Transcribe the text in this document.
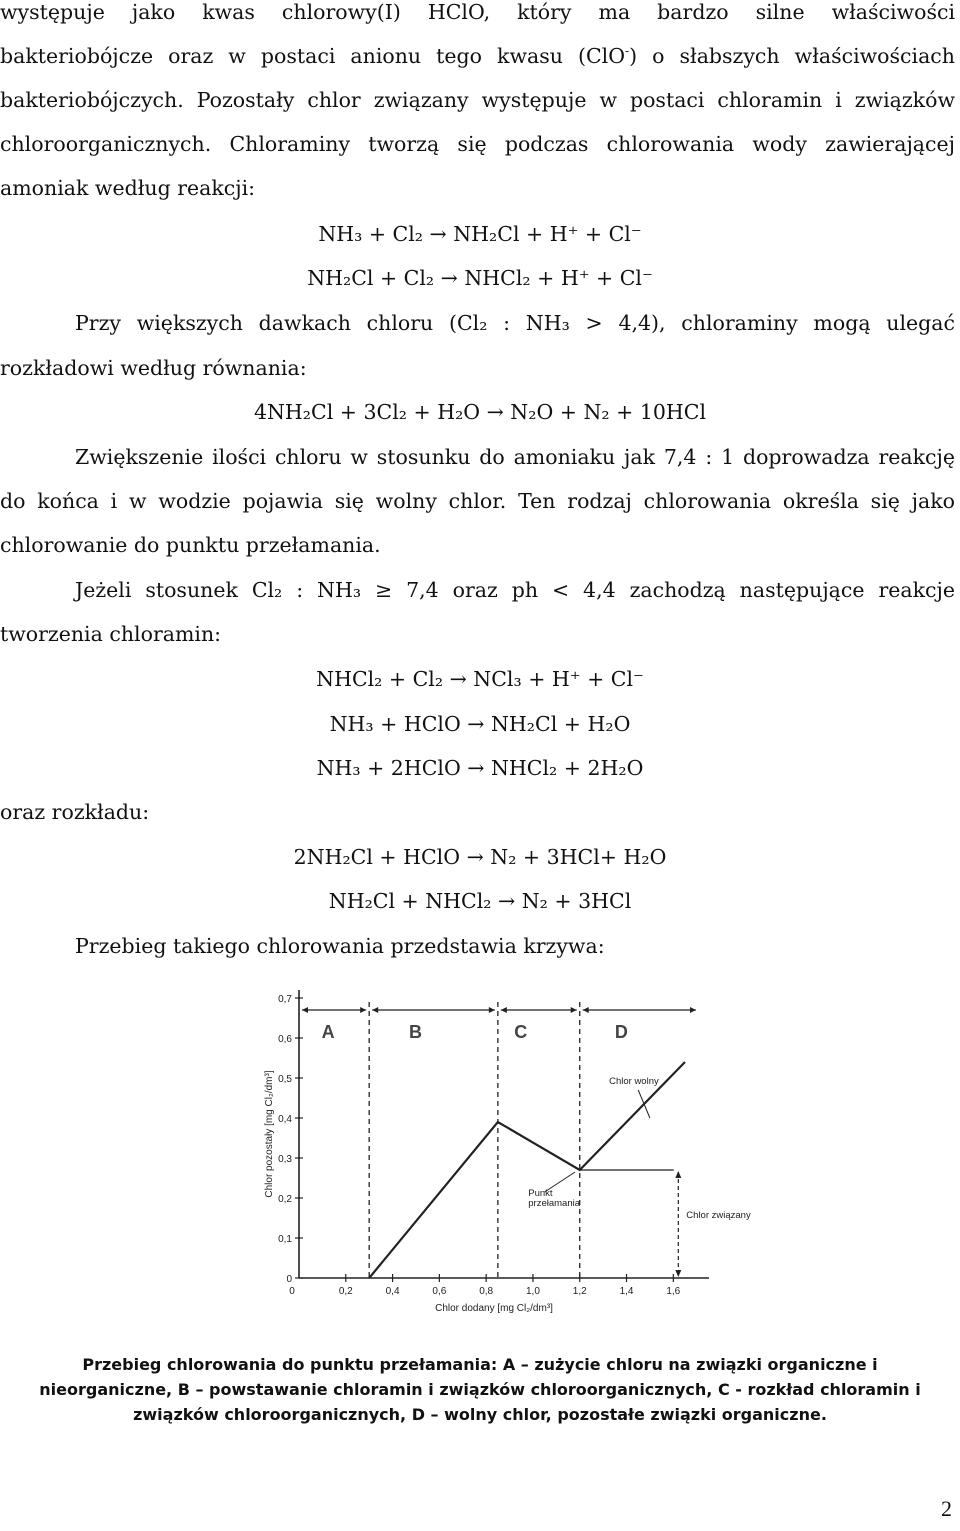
występuje jako kwas chlorowy(I) HClO, który ma bardzo silne właściwości
bakteriobójcze oraz w postaci anionu tego kwasu (ClO-) o słabszych właściwościach
bakteriobójczych. Pozostały chlor związany występuje w postaci chloramin i związków
chloroorganicznych. Chloraminy tworzą się podczas chlorowania wody zawierającej
amoniak według reakcji:
NH₃ + Cl₂ → NH₂Cl + H⁺ + Cl⁻
NH₂Cl + Cl₂ → NHCl₂ + H⁺ + Cl⁻
Przy większych dawkach chloru (Cl₂ : NH₃ > 4,4), chloraminy mogą ulegać
rozkładowi według równania:
4NH₂Cl + 3Cl₂ + H₂O → N₂O + N₂ + 10HCl
Zwiększenie ilości chloru w stosunku do amoniaku jak 7,4 : 1 doprowadza reakcję
do końca i w wodzie pojawia się wolny chlor. Ten rodzaj chlorowania określa się jako
chlorowanie do punktu przełamania.
Jeżeli stosunek Cl₂ : NH₃ ≥ 7,4 oraz ph < 4,4 zachodzą następujące reakcje
tworzenia chloramin:
NHCl₂ + Cl₂ → NCl₃ + H⁺ + Cl⁻
NH₃ + HClO → NH₂Cl + H₂O
NH₃ + 2HClO → NHCl₂ + 2H₂O
oraz rozkładu:
2NH₂Cl + HClO → N₂ + 3HCl+ H₂O
NH₂Cl + NHCl₂ → N₂ + 3HCl
Przebieg takiego chlorowania przedstawia krzywa:
0
0,1
0,2
0,3
0,4
0,5
0,6
0,7
0,2	0,4	0,6	0,8	1,0	1,2	1,4	1,6
0
Chlor dodany [mg Cl₂/dm³]
Chlor pozostały [mg Cl₂/dm³]
A	B	C	D
Chlor związany
Chlor wolny
Punkt
przełamania
Przebieg chlorowania do punktu przełamania: A – zużycie chloru na związki organiczne i
nieorganiczne, B – powstawanie chloramin i związków chloroorganicznych, C - rozkład chloramin i
związków chloroorganicznych, D – wolny chlor, pozostałe związki organiczne.
2
